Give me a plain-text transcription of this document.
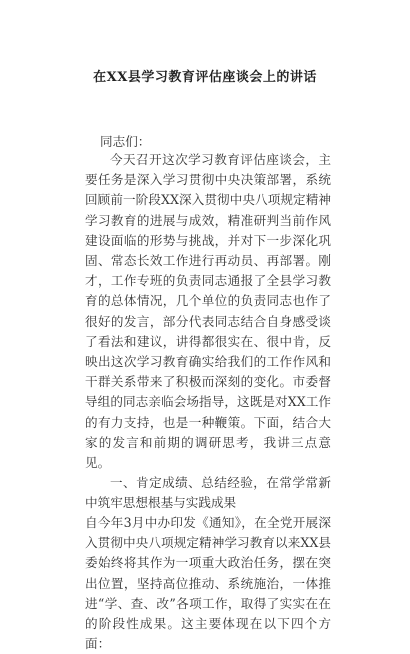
在XX县学习教育评估座谈会上的讲话
同志们：
今天召开这次学习教育评估座谈会，主要任务是深入学习贯彻中央决策部署，系统回顾前一阶段XX深入贯彻中央八项规定精神学习教育的进展与成效，精准研判当前作风建设面临的形势与挑战，并对下一步深化巩固、常态长效工作进行再动员、再部署。刚才，工作专班的负责同志通报了全县学习教育的总体情况，几个单位的负责同志也作了很好的发言，部分代表同志结合自身感受谈了看法和建议，讲得都很实在、很中肯，反映出这次学习教育确实给我们的工作作风和干群关系带来了积极而深刻的变化。市委督导组的同志亲临会场指导，这既是对XX工作的有力支持，也是一种鞭策。下面，结合大家的发言和前期的调研思考，我讲三点意见。
一、肯定成绩、总结经验，在常学常新中筑牢思想根基与实践成果
自今年3月中办印发《通知》，在全党开展深入贯彻中央八项规定精神学习教育以来XX县委始终将其作为一项重大政治任务，摆在突出位置，坚持高位推动、系统施治，一体推进“学、查、改”各项工作，取得了实实在在的阶段性成果。这主要体现在以下四个方面：
